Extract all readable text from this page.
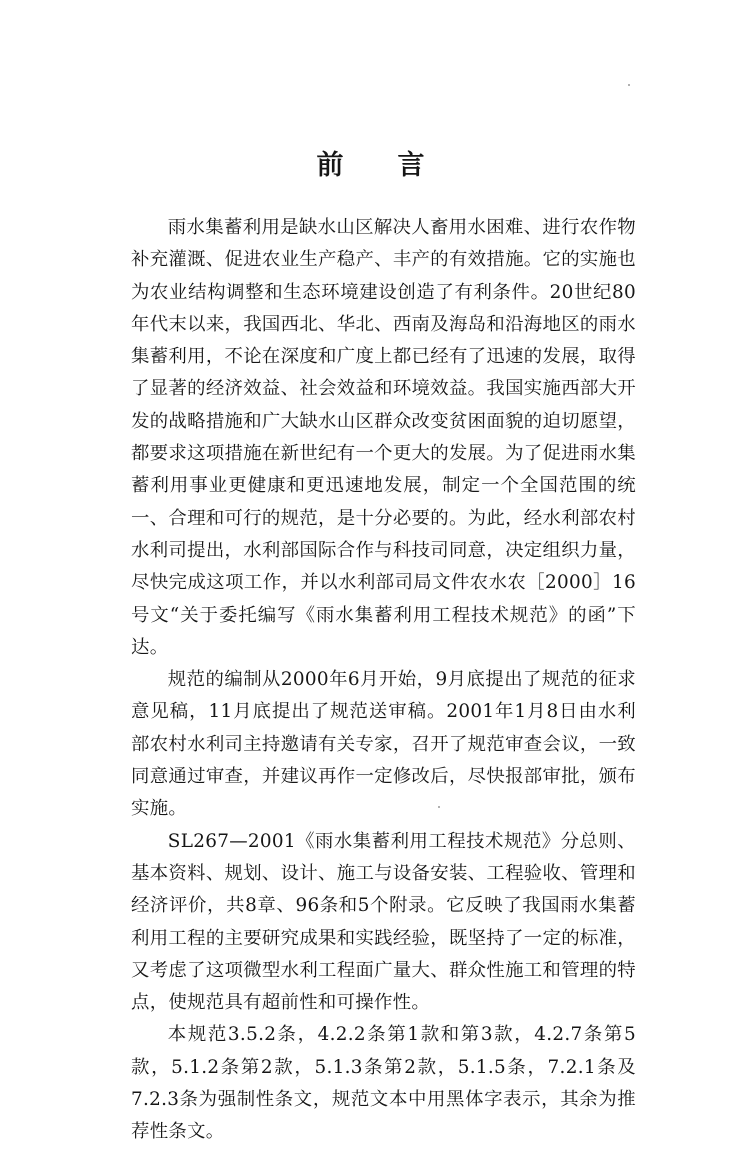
前 言

雨水集蓄利用是缺水山区解决人畜用水困难、进行农作物补充灌溉、促进农业生产稳产、丰产的有效措施。它的实施也为农业结构调整和生态环境建设创造了有利条件。20世纪80年代末以来，我国西北、华北、西南及海岛和沿海地区的雨水集蓄利用，不论在深度和广度上都已经有了迅速的发展，取得了显著的经济效益、社会效益和环境效益。我国实施西部大开发的战略措施和广大缺水山区群众改变贫困面貌的迫切愿望，都要求这项措施在新世纪有一个更大的发展。为了促进雨水集蓄利用事业更健康和更迅速地发展，制定一个全国范围的统一、合理和可行的规范，是十分必要的。为此，经水利部农村水利司提出，水利部国际合作与科技司同意，决定组织力量，尽快完成这项工作，并以水利部司局文件农水农［2000］16号文“关于委托编写《雨水集蓄利用工程技术规范》的函”下达。

规范的编制从2000年6月开始，9月底提出了规范的征求意见稿，11月底提出了规范送审稿。2001年1月8日由水利部农村水利司主持邀请有关专家，召开了规范审查会议，一致同意通过审查，并建议再作一定修改后，尽快报部审批，颁布实施。

SL267—2001《雨水集蓄利用工程技术规范》分总则、基本资料、规划、设计、施工与设备安装、工程验收、管理和经济评价，共8章、96条和5个附录。它反映了我国雨水集蓄利用工程的主要研究成果和实践经验，既坚持了一定的标准，又考虑了这项微型水利工程面广量大、群众性施工和管理的特点，使规范具有超前性和可操作性。

本规范3.5.2条，4.2.2条第1款和第3款，4.2.7条第5款，5.1.2条第2款，5.1.3条第2款，5.1.5条，7.2.1条及7.2.3条为强制性条文，规范文本中用黑体字表示，其余为推荐性条文。
